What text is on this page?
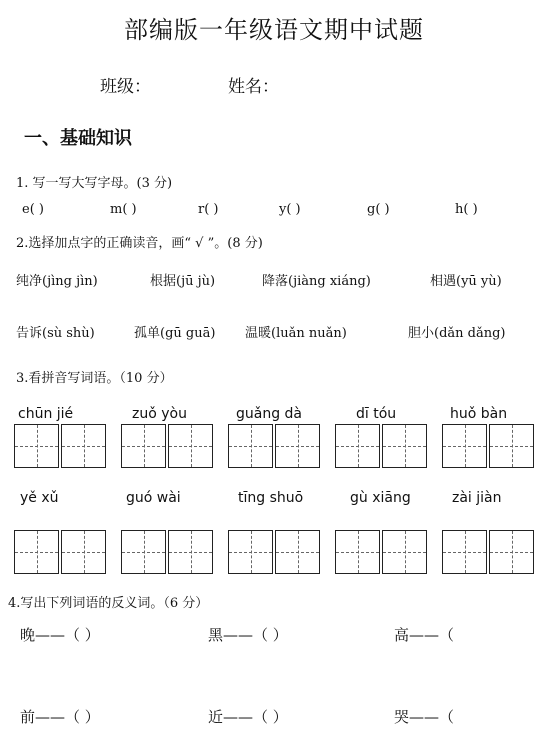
部编版一年级语文期中试题
班级：	姓名：
一、基础知识
1. 写一写大写字母。(3 分)
e( )	m( )	r( )	y( )	g( )	h( )
2.选择加点字的正确读音，画“ √ ”。(8 分)
纯净(jìng jìn)	根据(jū jù)	降落(jiàng xiáng)	相遇(yū yù)
告诉(sù shù)	孤单(gū guā) 温暖(luǎn nuǎn)	胆小(dǎn dǎng)
3.看拼音写词语。（10 分）
chūn jié	zuǒ yòu	guǎng dà	dī tóu	huǒ bàn
yě xǔ	guó wài	tīng shuō	gù xiāng	zài jiàn
4.写出下列词语的反义词。（6 分）
晚——（ ）	黑——（ ）	高——（
前——（ ）	近——（ ）	哭——（
